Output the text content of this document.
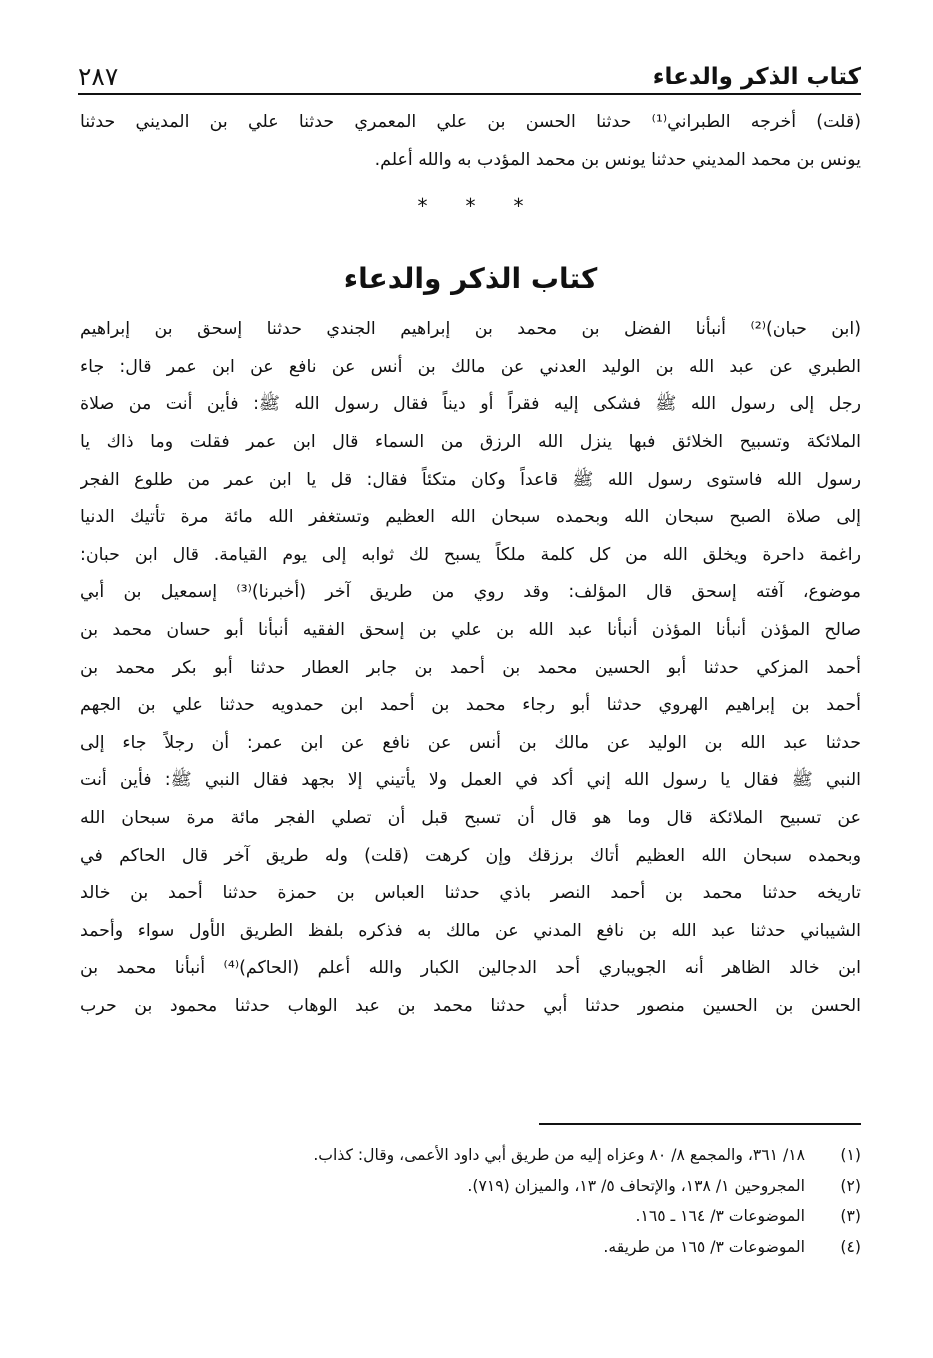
كتاب الذكر والدعاء
٢٨٧
(قلت) أخرجه الطبراني⁽¹⁾ حدثنا الحسن بن علي المعمري حدثنا علي بن المديني حدثنا
يونس بن محمد المديني حدثنا يونس بن محمد المؤدب به والله أعلم.
*
*
*
كتاب الذكر والدعاء
(ابن حبان)⁽²⁾ أنبأنا الفضل بن محمد بن إبراهيم الجندي حدثنا إسحق بن إبراهيم
الطبري عن عبد الله بن الوليد العدني عن مالك بن أنس عن نافع عن ابن عمر قال: جاء
رجل إلى رسول الله ﷺ فشكى إليه فقراً أو ديناً فقال رسول الله ﷺ: فأين أنت من صلاة
الملائكة وتسبيح الخلائق فبها ينزل الله الرزق من السماء قال ابن عمر فقلت وما ذاك يا
رسول الله فاستوى رسول الله ﷺ قاعداً وكان متكئاً فقال: قل يا ابن عمر من طلوع الفجر
إلى صلاة الصبح سبحان الله وبحمده سبحان الله العظيم وتستغفر الله مائة مرة تأتيك الدنيا
راغمة داحرة ويخلق الله من كل كلمة ملكاً يسبح لك ثوابه إلى يوم القيامة. قال ابن حبان:
موضوع، آفته إسحق قال المؤلف: وقد روي من طريق آخر (أخبرنا)⁽³⁾ إسمعيل بن أبي
صالح المؤذن أنبأنا المؤذن أنبأنا عبد الله بن علي بن إسحق الفقيه أنبأنا أبو حسان محمد بن
أحمد المزكي حدثنا أبو الحسين محمد بن أحمد بن جابر العطار حدثنا أبو بكر محمد بن
أحمد بن إبراهيم الهروي حدثنا أبو رجاء محمد بن أحمد ابن حمدويه حدثنا علي بن الجهم
حدثنا عبد الله بن الوليد عن مالك بن أنس عن نافع عن ابن عمر: أن رجلاً جاء إلى
النبي ﷺ فقال يا رسول الله إني أكد في العمل ولا يأتيني إلا بجهد فقال النبي ﷺ: فأين أنت
عن تسبيح الملائكة قال وما هو قال أن تسبح قبل أن تصلي الفجر مائة مرة سبحان الله
وبحمده سبحان الله العظيم أتاك برزقك وإن كرهت (قلت) وله طريق آخر قال الحاكم في
تاريخه حدثنا محمد بن أحمد النصر باذي حدثنا العباس بن حمزة حدثنا أحمد بن خالد
الشيباني حدثنا عبد الله بن نافع المدني عن مالك به فذكره بلفظ الطريق الأول سواء وأحمد
ابن خالد الظاهر أنه الجويباري أحد الدجالين الكبار والله أعلم (الحاكم)⁽⁴⁾ أنبأنا محمد بن
الحسن بن الحسين منصور حدثنا أبي حدثنا محمد بن عبد الوهاب حدثنا محمود بن حرب
(١)
١٨/ ٣٦١، والمجمع ٨/ ٨٠ وعزاه إليه من طريق أبي داود الأعمى، وقال: كذاب.
(٢)
المجروحين ١/ ١٣٨، والإتحاف ٥/ ١٣، والميزان (٧١٩).
(٣)
الموضوعات ٣/ ١٦٤ ـ ١٦٥.
(٤)
الموضوعات ٣/ ١٦٥ من طريقه.
